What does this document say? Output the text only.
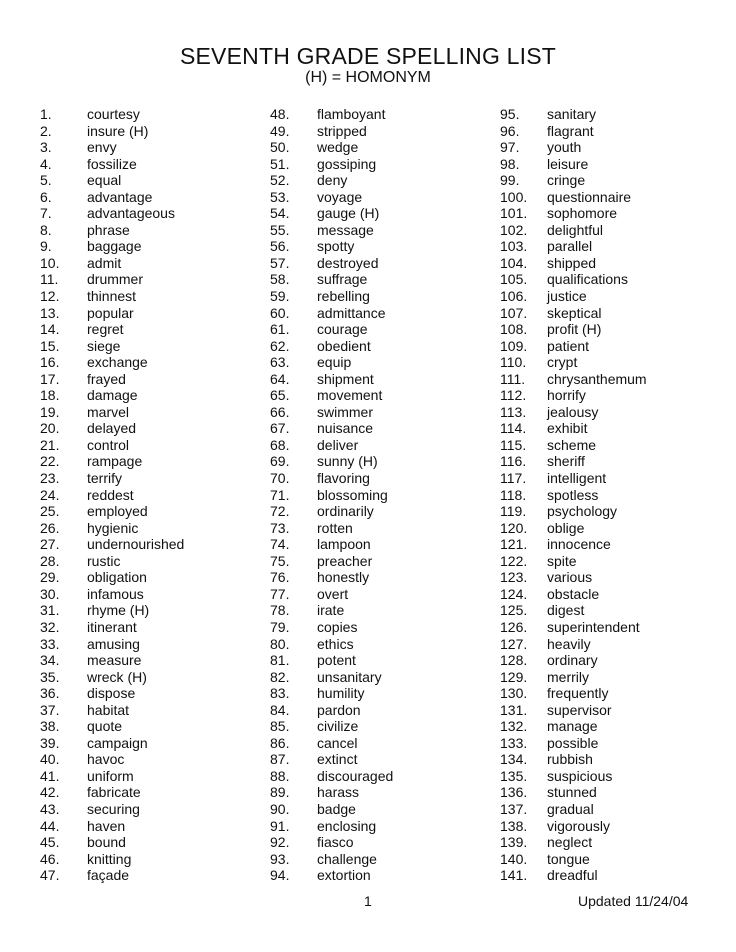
SEVENTH GRADE SPELLING LIST
(H) = HOMONYM
1.	courtesy
2.	insure (H)
3.	envy
4.	fossilize
5.	equal
6.	advantage
7.	advantageous
8.	phrase
9.	baggage
10. admit
11. drummer
12. thinnest
13. popular
14. regret
15. siege
16. exchange
17. frayed
18. damage
19. marvel
20. delayed
21. control
22. rampage
23. terrify
24. reddest
25. employed
26. hygienic
27. undernourished
28. rustic
29. obligation
30. infamous
31. rhyme (H)
32. itinerant
33. amusing
34. measure
35. wreck (H)
36. dispose
37. habitat
38. quote
39. campaign
40. havoc
41. uniform
42. fabricate
43. securing
44. haven
45. bound
46. knitting
47. façade
48. flamboyant
49. stripped
50. wedge
51. gossiping
52. deny
53. voyage
54. gauge (H)
55. message
56. spotty
57. destroyed
58. suffrage
59. rebelling
60. admittance
61. courage
62. obedient
63. equip
64. shipment
65. movement
66. swimmer
67. nuisance
68. deliver
69. sunny (H)
70. flavoring
71. blossoming
72. ordinarily
73. rotten
74. lampoon
75. preacher
76. honestly
77. overt
78. irate
79. copies
80. ethics
81. potent
82. unsanitary
83. humility
84. pardon
85. civilize
86. cancel
87. extinct
88. discouraged
89. harass
90. badge
91. enclosing
92. fiasco
93. challenge
94. extortion
95. sanitary
96. flagrant
97. youth
98. leisure
99. cringe
100. questionnaire
101. sophomore
102. delightful
103. parallel
104. shipped
105. qualifications
106. justice
107. skeptical
108. profit (H)
109. patient
110. crypt
111. chrysanthemum
112. horrify
113. jealousy
114. exhibit
115. scheme
116. sheriff
117. intelligent
118. spotless
119. psychology
120. oblige
121. innocence
122. spite
123. various
124. obstacle
125. digest
126. superintendent
127. heavily
128. ordinary
129. merrily
130. frequently
131. supervisor
132. manage
133. possible
134. rubbish
135. suspicious
136. stunned
137. gradual
138. vigorously
139. neglect
140. tongue
141. dreadful
1	Updated 11/24/04
